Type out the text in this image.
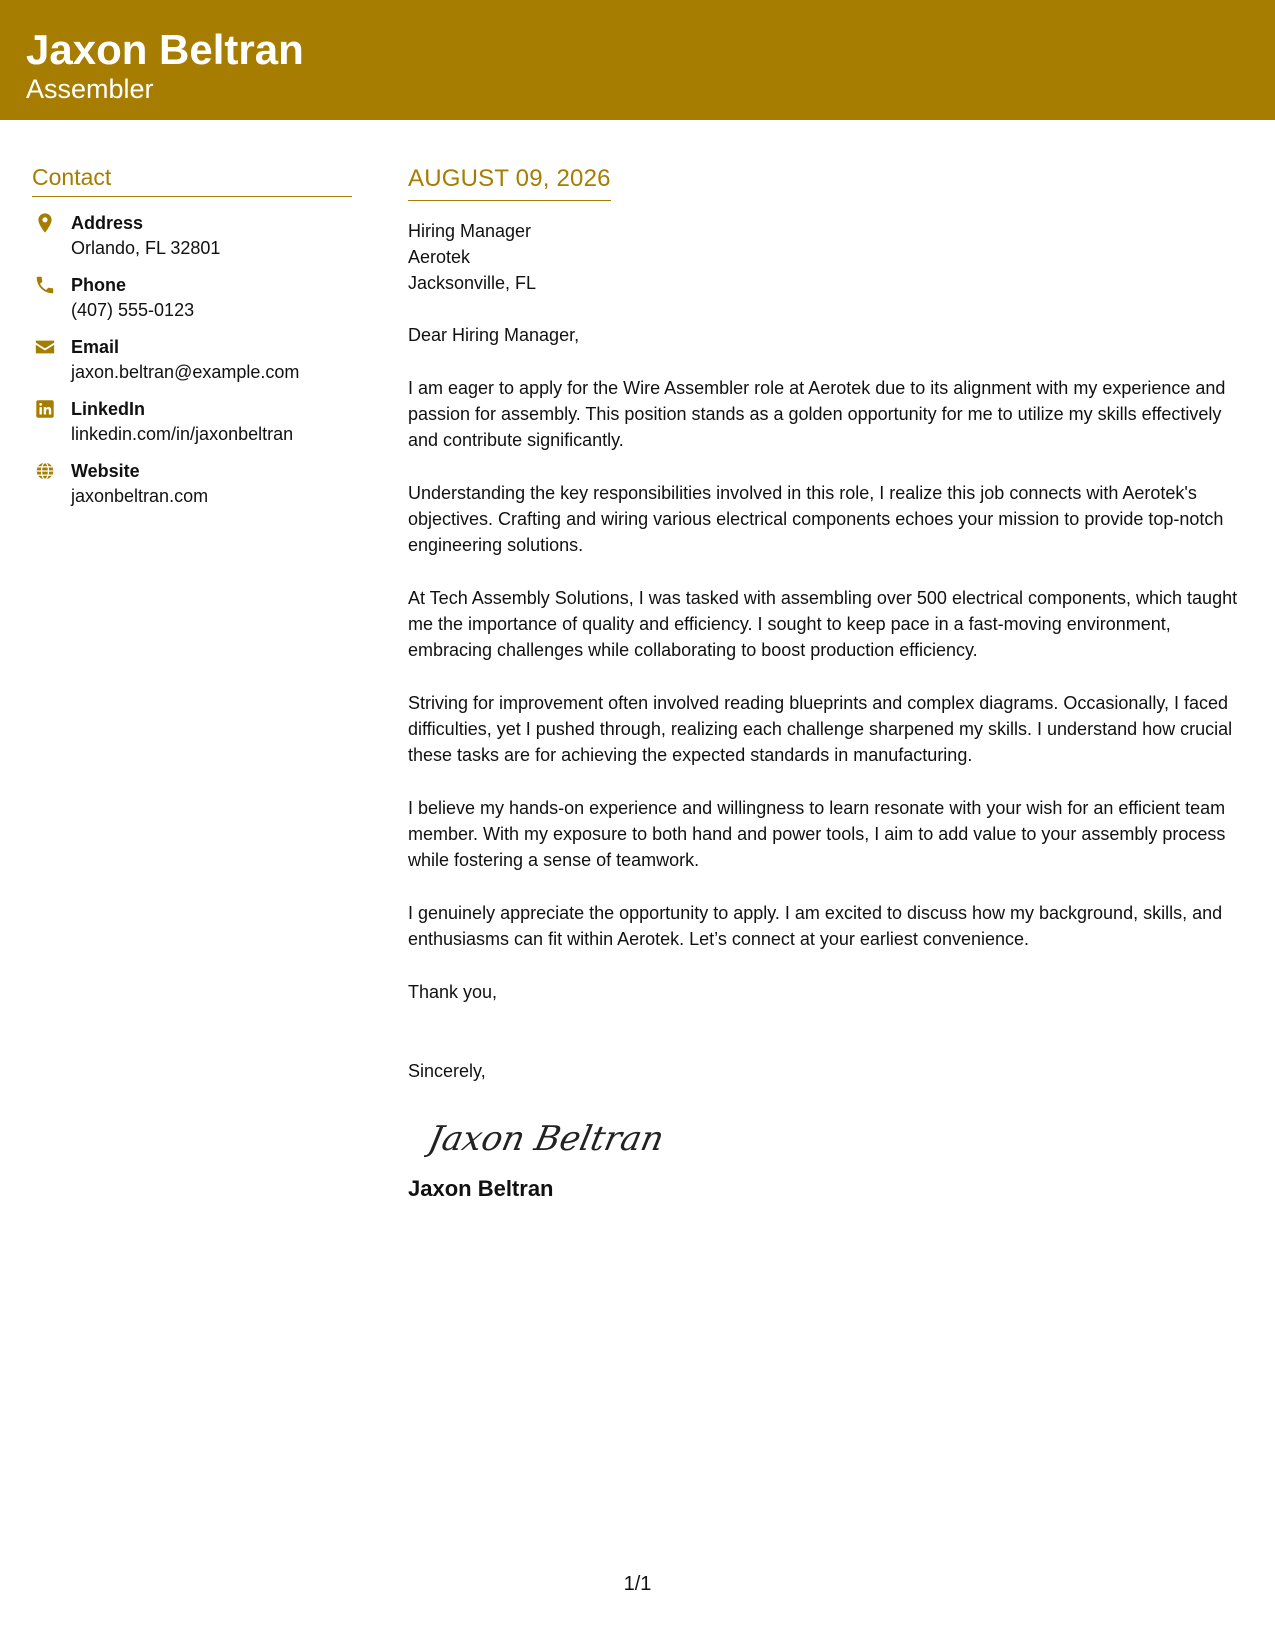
Jaxon Beltran
Assembler
Contact
Address
Orlando, FL 32801
Phone
(407) 555-0123
Email
jaxon.beltran@example.com
LinkedIn
linkedin.com/in/jaxonbeltran
Website
jaxonbeltran.com
AUGUST 09, 2026
Hiring Manager
Aerotek
Jacksonville, FL
Dear Hiring Manager,
I am eager to apply for the Wire Assembler role at Aerotek due to its alignment with my experience and passion for assembly. This position stands as a golden opportunity for me to utilize my skills effectively and contribute significantly.
Understanding the key responsibilities involved in this role, I realize this job connects with Aerotek's objectives. Crafting and wiring various electrical components echoes your mission to provide top-notch engineering solutions.
At Tech Assembly Solutions, I was tasked with assembling over 500 electrical components, which taught me the importance of quality and efficiency. I sought to keep pace in a fast-moving environment, embracing challenges while collaborating to boost production efficiency.
Striving for improvement often involved reading blueprints and complex diagrams. Occasionally, I faced difficulties, yet I pushed through, realizing each challenge sharpened my skills. I understand how crucial these tasks are for achieving the expected standards in manufacturing.
I believe my hands-on experience and willingness to learn resonate with your wish for an efficient team member. With my exposure to both hand and power tools, I aim to add value to your assembly process while fostering a sense of teamwork.
I genuinely appreciate the opportunity to apply. I am excited to discuss how my background, skills, and enthusiasms can fit within Aerotek. Let’s connect at your earliest convenience.
Thank you,
Sincerely,
Jaxon Beltran
Jaxon Beltran
1/1
